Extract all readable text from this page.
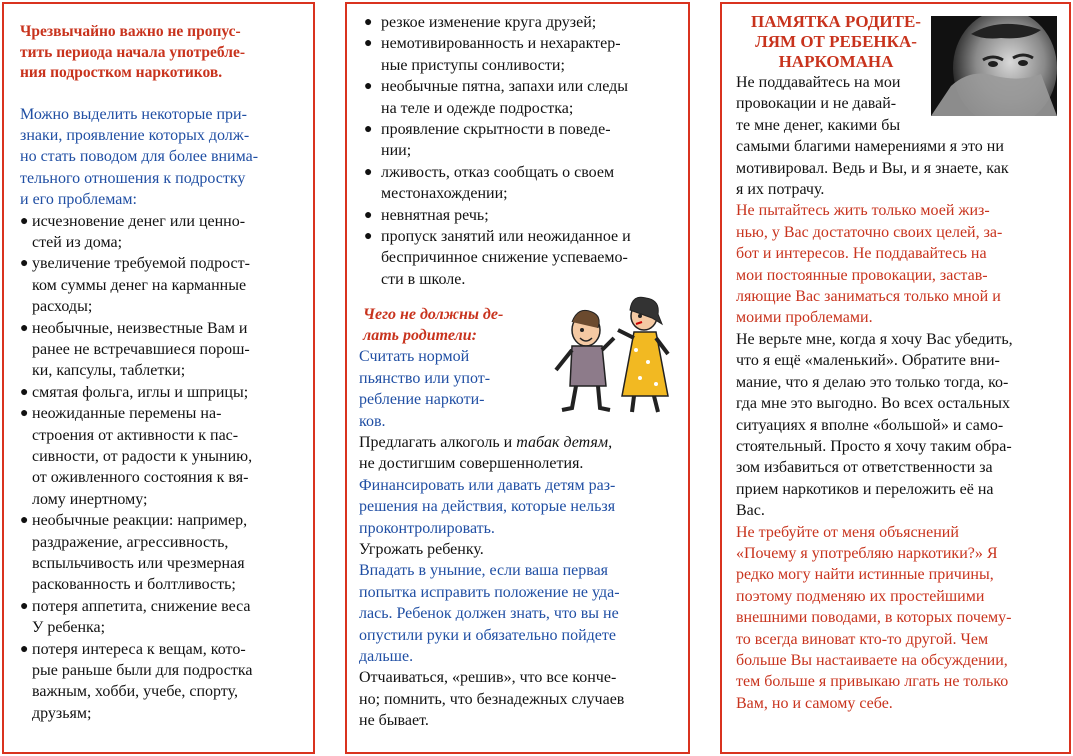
Чрезвычайно важно не пропус-
тить периода начала употребле-
ния подростком наркотиков.
Можно выделить некоторые при-
знаки, проявление которых долж-
но стать поводом для более внима-
тельного отношения к подростку
и его проблемам:
● исчезновение денег или ценно-
стей из дома;
● увеличение требуемой подрост-
ком суммы денег на карманные
расходы;
● необычные, неизвестные Вам и
ранее не встречавшиеся порош-
ки, капсулы, таблетки;
● смятая фольга, иглы и шприцы;
● неожиданные перемены на-
строения от активности к пас-
сивности, от радости к унынию,
от оживленного состояния к вя-
лому инертному;
● необычные реакции: например,
раздражение, агрессивность,
вспыльчивость или чрезмерная
раскованность и болтливость;
● потеря аппетита, снижение веса
У ребенка;
● потеря интереса к вещам, кото-
рые раньше были для подростка
важным, хобби, учебе, спорту,
друзьям;
● резкое изменение круга друзей;
● немотивированность и нехарактер-
ные приступы сонливости;
● необычные пятна, запахи или следы
на теле и одежде подростка;
● проявление скрытности в поведе-
нии;
● лживость, отказ сообщать о своем
местонахождении;
● невнятная речь;
● пропуск занятий или неожиданное и
беспричинное снижение успеваемо-
сти в школе.
Чего не должны де-
лать родители:
Считать нормой
пьянство или упот-
ребление наркоти-
ков.
Предлагать алкоголь и табак детям,
не достигшим совершеннолетия.
Финансировать или давать детям раз-
решения на действия, которые нельзя
проконтролировать.
Угрожать ребенку.
Впадать в уныние, если ваша первая
попытка исправить положение не уда-
лась. Ребенок должен знать, что вы не
опустили руки и обязательно пойдете
дальше.
Отчаиваться, «решив», что все конче-
но; помнить, что безнадежных случаев
не бывает.
ПАМЯТКА РОДИТЕ-
ЛЯМ ОТ РЕБЕНКА-
НАРКОМАНА
Не поддавайтесь на мои
провокации и не давай-
те мне денег, какими бы
самыми благими намерениями я это ни
мотивировал. Ведь и Вы, и я знаете, как
я их потрачу.
Не пытайтесь жить только моей жиз-
нью, у Вас достаточно своих целей, за-
бот и интересов. Не поддавайтесь на
мои постоянные провокации, застав-
ляющие Вас заниматься только мной и
моими проблемами.
Не верьте мне, когда я хочу Вас убедить,
что я ещё «маленький». Обратите вни-
мание, что я делаю это только тогда, ко-
гда мне это выгодно. Во всех остальных
ситуациях я вполне «большой» и само-
стоятельный. Просто я хочу таким обра-
зом избавиться от ответственности за
прием наркотиков и переложить её на
Вас.
Не требуйте от меня объяснений
«Почему я употребляю наркотики?» Я
редко могу найти истинные причины,
поэтому подменяю их простейшими
внешними поводами, в которых почему-
то всегда виноват кто-то другой. Чем
больше Вы настаиваете на обсуждении,
тем больше я привыкаю лгать не только
Вам, но и самому себе.
